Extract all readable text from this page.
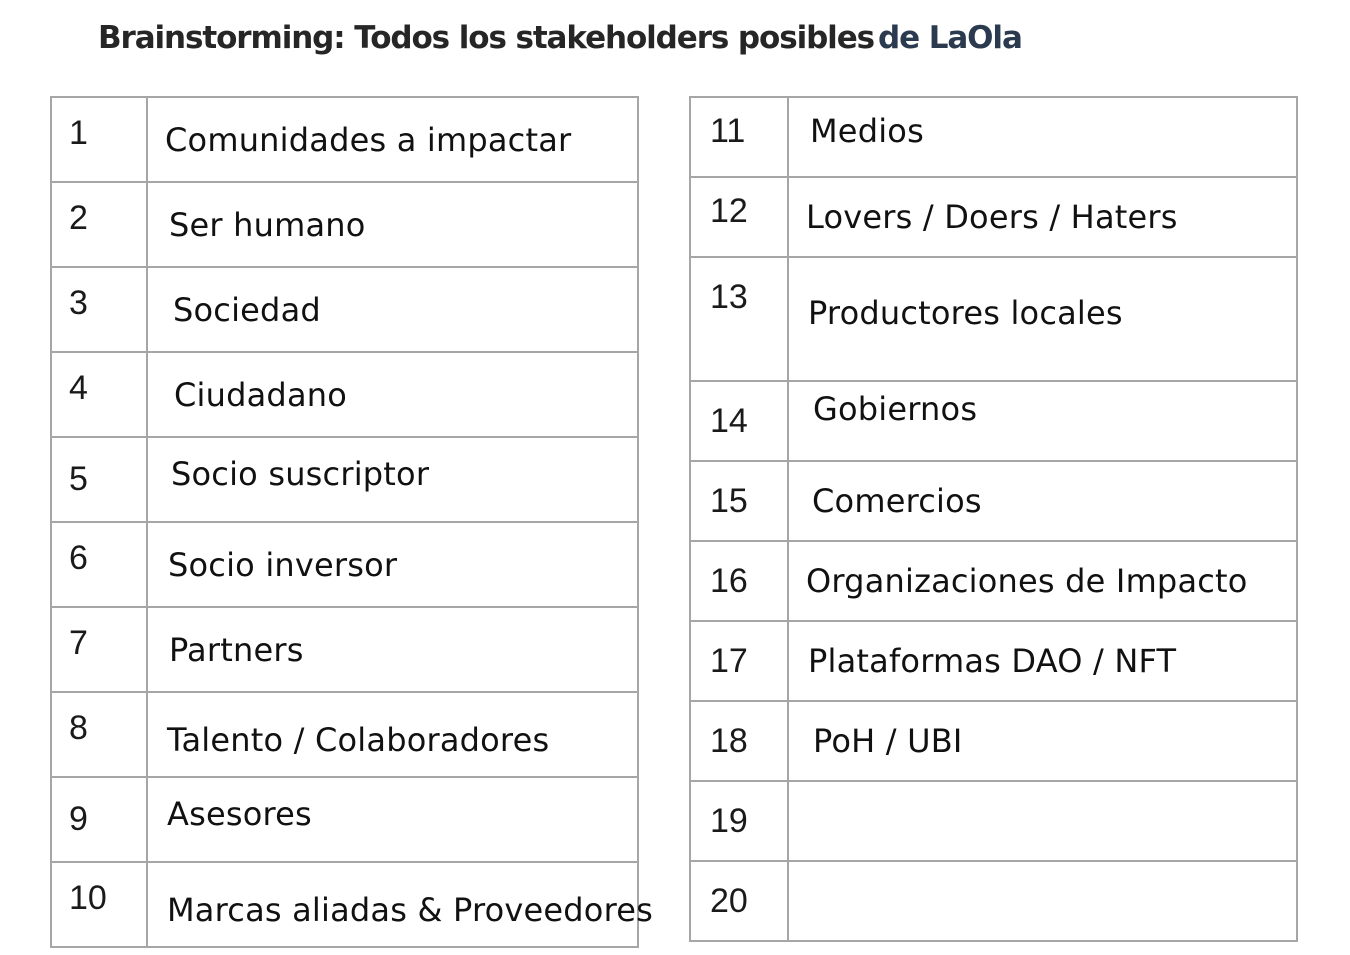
Brainstorming: Todos los stakeholders posibles de LaOla
1	Comunidades a impactar
2	Ser humano
3	Sociedad
4	Ciudadano
5	Socio suscriptor
6	Socio inversor
7	Partners
8	Talento / Colaboradores
9	Asesores
10	Marcas aliadas & Proveedores
11	Medios
12	Lovers / Doers / Haters
13	Productores locales
14	Gobiernos
15	Comercios
16	Organizaciones de Impacto
17	Plataformas DAO / NFT
18	PoH / UBI
19	
20	
